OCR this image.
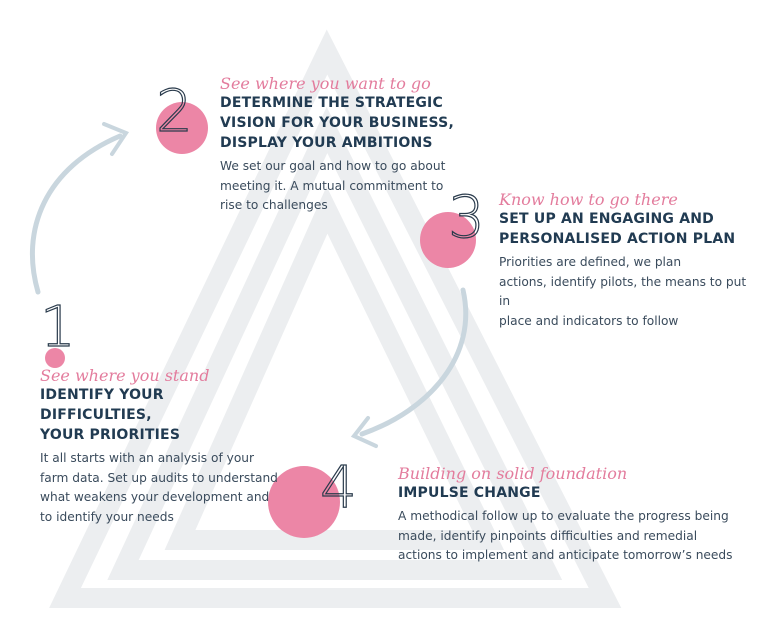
1
2
3
4
See where you stand
IDENTIFY YOUR DIFFICULTIES,
YOUR PRIORITIES
It all starts with an analysis of your
farm data. Set up audits to understand
what weakens your development and
to identify your needs
See where you want to go
DETERMINE THE STRATEGIC
VISION FOR YOUR BUSINESS,
DISPLAY YOUR AMBITIONS
We set our goal and how to go about
meeting it. A mutual commitment to
rise to challenges	Know how to go there
SET UP AN ENGAGING AND
PERSONALISED ACTION PLAN
Priorities are defined, we plan
actions, identify pilots, the means to put in
place and indicators to follow
Building on solid foundation
IMPULSE CHANGE
A methodical follow up to evaluate the progress being
made, identify pinpoints difficulties and remedial
actions to implement and anticipate tomorrow’s needs
